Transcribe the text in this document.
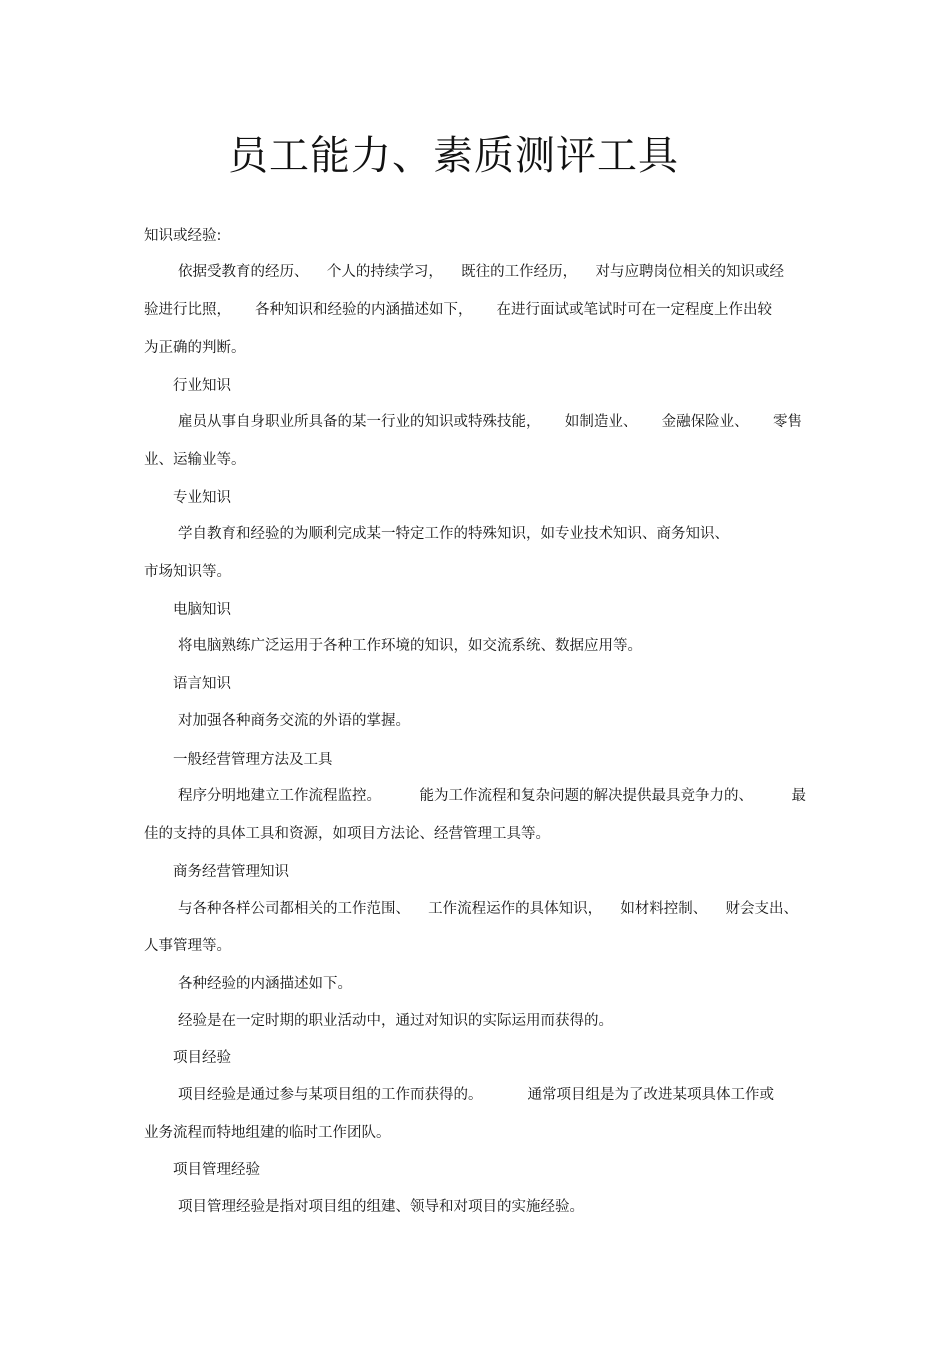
员工能力、素质测评工具
知识或经验:
依据受教育的经历、 个人的持续学习， 既往的工作经历， 对与应聘岗位相关的知识或经
验进行比照， 各种知识和经验的内涵描述如下， 在进行面试或笔试时可在一定程度上作出较
为正确的判断。
行业知识
雇员从事自身职业所具备的某一行业的知识或特殊技能， 如制造业、 金融保险业、 零售
业、运输业等。
专业知识
学自教育和经验的为顺利完成某一特定工作的特殊知识，如专业技术知识、商务知识、
市场知识等。
电脑知识
将电脑熟练广泛运用于各种工作环境的知识，如交流系统、数据应用等。
语言知识
对加强各种商务交流的外语的掌握。
一般经营管理方法及工具
程序分明地建立工作流程监控。	能为工作流程和复杂问题的解决提供最具竞争力的、	最
佳的支持的具体工具和资源，如项目方法论、经营管理工具等。
商务经营管理知识
与各种各样公司都相关的工作范围、 工作流程运作的具体知识， 如材料控制、 财会支出、
人事管理等。
各种经验的内涵描述如下。
经验是在一定时期的职业活动中，通过对知识的实际运用而获得的。
项目经验
项目经验是通过参与某项目组的工作而获得的。	通常项目组是为了改进某项具体工作或
业务流程而特地组建的临时工作团队。
项目管理经验
项目管理经验是指对项目组的组建、领导和对项目的实施经验。
